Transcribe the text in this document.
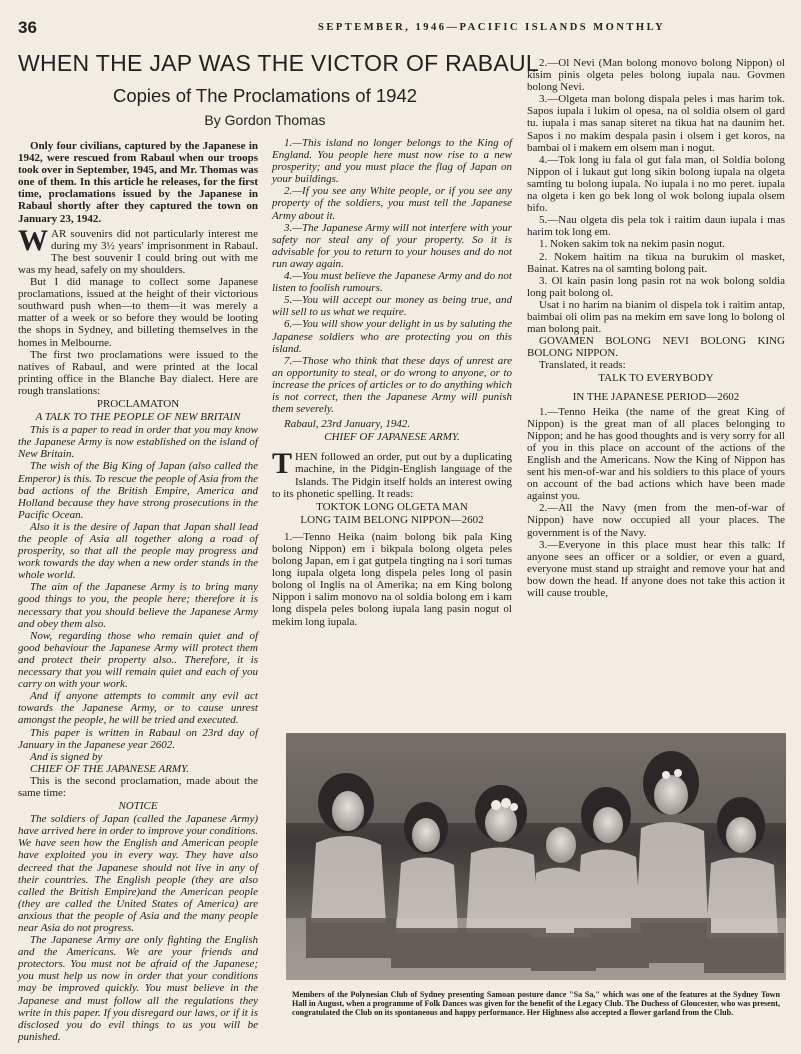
36	SEPTEMBER, 1946—PACIFIC ISLANDS MONTHLY
WHEN THE JAP WAS THE VICTOR OF RABAUL
Copies of The Proclamations of 1942
By Gordon Thomas

Only four civilians, captured by the Japanese in 1942, were rescued from Rabaul when our troops took over in September, 1945, and Mr. Thomas was one of them. In this article he releases, for the first time, proclamations issued by the Japanese in Rabaul shortly after they captured the town on January 23, 1942.

WAR souvenirs did not particularly interest me during my 3½ years' imprisonment in Rabaul. The best souvenir I could bring out with me was my head, safely on my shoulders.

But I did manage to collect some Japanese proclamations, issued at the height of their victorious southward push when—to them—it was merely a matter of a week or so before they would be looting the shops in Sydney, and billeting themselves in the homes in Melbourne.

The first two proclamations were issued to the natives of Rabaul, and were printed at the local printing office in the Blanche Bay dialect. Here are rough translations:

PROCLAMATON

A TALK TO THE PEOPLE OF NEW BRITAIN

This is a paper to read in order that you may know the Japanese Army is now established on the island of New Britain.

The wish of the Big King of Japan (also called the Emperor) is this. To rescue the people of Asia from the bad actions of the British Empire, America and Holland because they have strong prosecutions in the Pacific Ocean.

Also it is the desire of Japan that Japan shall lead the people of Asia all together along a road of prosperity, so that all the people may progress and work towards the day when a new order stands in the whole world.

The aim of the Japanese Army is to bring many good things to you, the people here; therefore it is necessary that you should believe the Japanese Army and obey them also.

Now, regarding those who remain quiet and of good behaviour the Japanese Army will protect them and protect their property also.. Therefore, it is necessary that you will remain quiet and each of you carry on with your work.

And if anyone attempts to commit any evil act towards the Japanese Army, or to cause unrest amongst the people, he will be tried and executed.

This paper is written in Rabaul on 23rd day of January in the Japanese year 2602.

And is signed by

CHIEF OF THE JAPANESE ARMY.

This is the second proclamation, made about the same time:

NOTICE

The soldiers of Japan (called the Japanese Army) have arrived here in order to improve your conditions. We have seen how the English and American people have exploited you in every way. They have also decreed that the Japanese should not live in any of their countries. The English people (they are also called the British Empire)and the American people (they are called the United States of America) are anxious that the people of Asia and the many people near Asia do not progress.

The Japanese Army are only fighting the English and the Americans. We are your friends and protectors. You must not be afraid of the Japanese; you must help us now in order that your conditions may be improved quickly. You must believe in the Japanese and must follow all the regulations they write in this paper. If you disregard our laws, or if it is disclosed you do evil things to us you will be punished.

1.—This island no longer belongs to the King of England. You people here must now rise to a new prosperity; and you must place the flag of Japan on your buildings.

2.—If you see any White people, or if you see any property of the soldiers, you must tell the Japanese Army about it.

3.—The Japanese Army will not interfere with your safety nor steal any of your property. So it is advisable for you to return to your houses and do not run away again.

4.—You must believe the Japanese Army and do not listen to foolish rumours.

5.—You will accept our money as being true, and will sell to us what we require.

6.—You will show your delight in us by saluting the Japanese soldiers who are protecting you on this island.

7.—Those who think that these days of unrest are an opportunity to steal, or do wrong to anyone, or to increase the prices of articles or to do anything which is not correct, then the Japanese Army will punish them severely.

Rabaul, 23rd January, 1942.

CHIEF OF JAPANESE ARMY.

THEN followed an order, put out by a duplicating machine, in the Pidgin-English language of the Islands. The Pidgin itself holds an interest owing to its phonetic spelling. It reads:

TOKTOK LONG OLGETA MAN

LONG TAIM BELONG NIPPON—2602

1.—Tenno Heika (naim bolong bik pala King bolong Nippon) em i bikpala bolong olgeta peles bolong Japan, em i gat gutpela tingting na i sori tumas long iupala olgeta long dispela peles long ol pasin bolong ol Inglis na ol Amerika; na em King bolong Nippon i salim monovo na ol soldia bolong em i kam long dispela peles bolong iupala lang pasin nogut ol mekim long iupala.

2.—Ol Nevi (Man bolong monovo bolong Nippon) ol kisim pinis olgeta peles bolong iupala nau. Govmen bolong Nevi.

3.—Olgeta man bolong dispala peles i mas harim tok. Sapos iupala i lukim ol opesa, na ol soldia olsem ol gard tu. iupala i mas sanap siteret na tikua hat na daunim het. Sapos i no makim despala pasin i olsem i get koros, na bambai ol i makem em olsem man i nogut.

4.—Tok long iu fala ol gut fala man, ol Soldia bolong Nippon ol i lukaut gut long sikin bolong iupala na olgeta samting tu bolong iupala. No iupala i no mo peret. iupala na olgeta i ken go bek long ol wok bolong iupala olsem bifo.

5.—Nau olgeta dis pela tok i raitim daun iupala i mas harim tok long em.

1. Noken sakim tok na nekim pasin nogut.

2. Nokem haitim na tikua na burukim ol masket, Bainat. Katres na ol samting bolong pait.

3. Ol kain pasin long pasin rot na wok bolong soldia long pait bolong ol.

Usat i no harim na bianim ol dispela tok i raitim antap, baimbai oli olim pas na mekim em save long lo bolong ol man bolong pait.

GOVAMEN BOLONG NEVI BOLONG KING BOLONG NIPPON.

Translated, it reads:

TALK TO EVERYBODY

IN THE JAPANESE PERIOD—2602

1.—Tenno Heika (the name of the great King of Nippon) is the great man of all places belonging to Nippon; and he has good thoughts and is very sorry for all of you in this place on account of the actions of the English and the Americans. Now the King of Nippon has sent his men-of-war and his soldiers to this place of yours on account of the bad actions which have been made against you.

2.—All the Navy (men from the men-of-war of Nippon) have now occupied all your places. The government is of the Navy.

3.—Everyone in this place must hear this talk: If anyone sees an officer or a soldier, or even a guard, everyone must stand up straight and remove your hat and bow down the head. If anyone does not take this action it will cause trouble,

Members of the Polynesian Club of Sydney presenting Samoan posture dance "Sa Sa," which was one of the features at the Sydney Town Hall in August, when a programme of Folk Dances was given for the benefit of the Legacy Club. The Duchess of Gloucester, who was present, congratulated the Club on its spontaneous and happy performance. Her Highness also accepted a flower garland from the Club.
